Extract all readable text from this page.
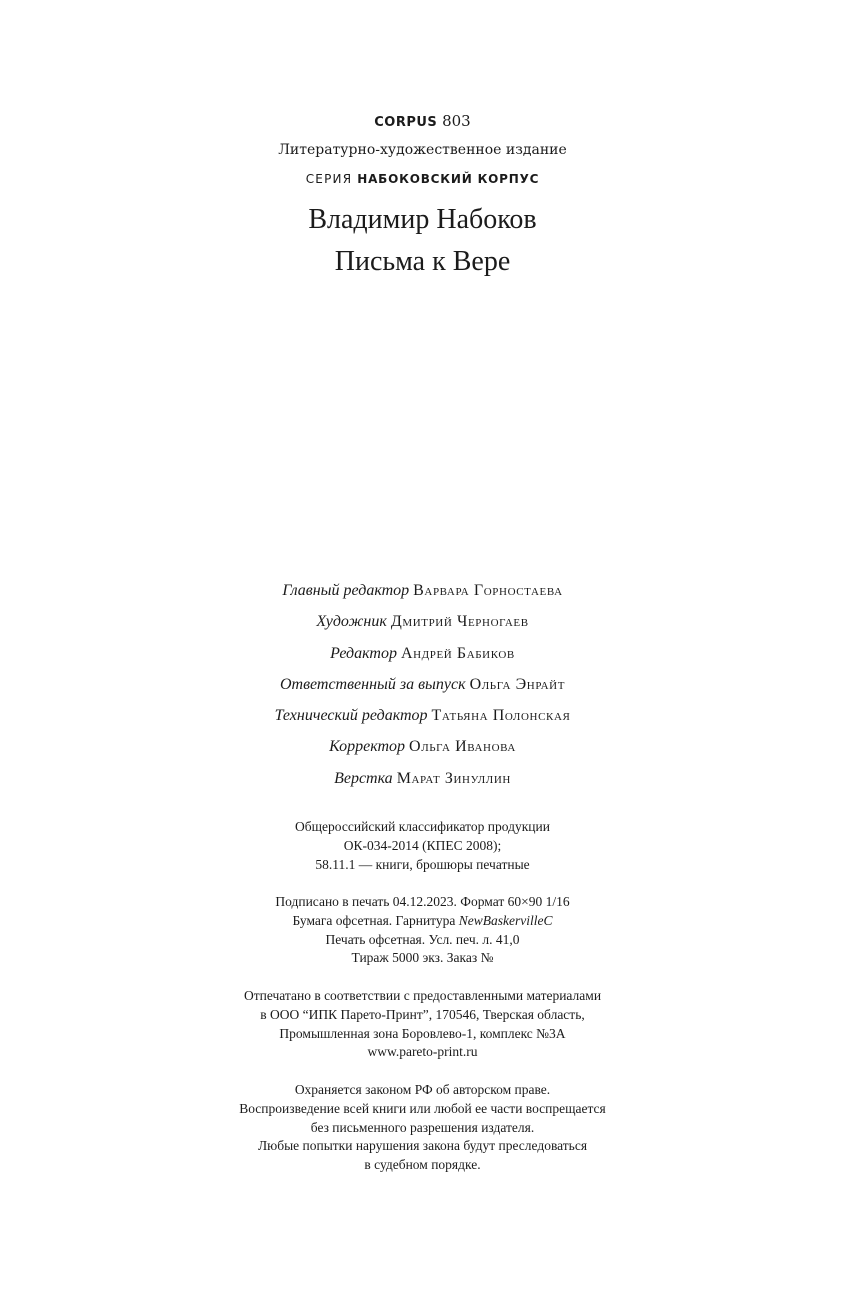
CORPUS 803
Литературно-художественное издание
СЕРИЯ НАБОКОВСКИЙ КОРПУС
Владимир Набоков
Письма к Вере
Главный редактор Варвара Горностаева
Художник Дмитрий Черногаев
Редактор Андрей Бабиков
Ответственный за выпуск Ольга Энрайт
Технический редактор Татьяна Полонская
Корректор Ольга Иванова
Верстка Марат Зинуллин
Общероссийский классификатор продукции
ОК-034-2014 (КПЕС 2008);
58.11.1 — книги, брошюры печатные
Подписано в печать 04.12.2023. Формат 60×90 1/16
Бумага офсетная. Гарнитура NewBaskervilleC
Печать офсетная. Усл. печ. л. 41,0
Тираж 5000 экз. Заказ №
Отпечатано в соответствии с предоставленными материалами
в ООО “ИПК Парето-Принт”, 170546, Тверская область,
Промышленная зона Боровлево-1, комплекс №3А
www.pareto-print.ru
Охраняется законом РФ об авторском праве.
Воспроизведение всей книги или любой ее части воспрещается
без письменного разрешения издателя.
Любые попытки нарушения закона будут преследоваться
в судебном порядке.
